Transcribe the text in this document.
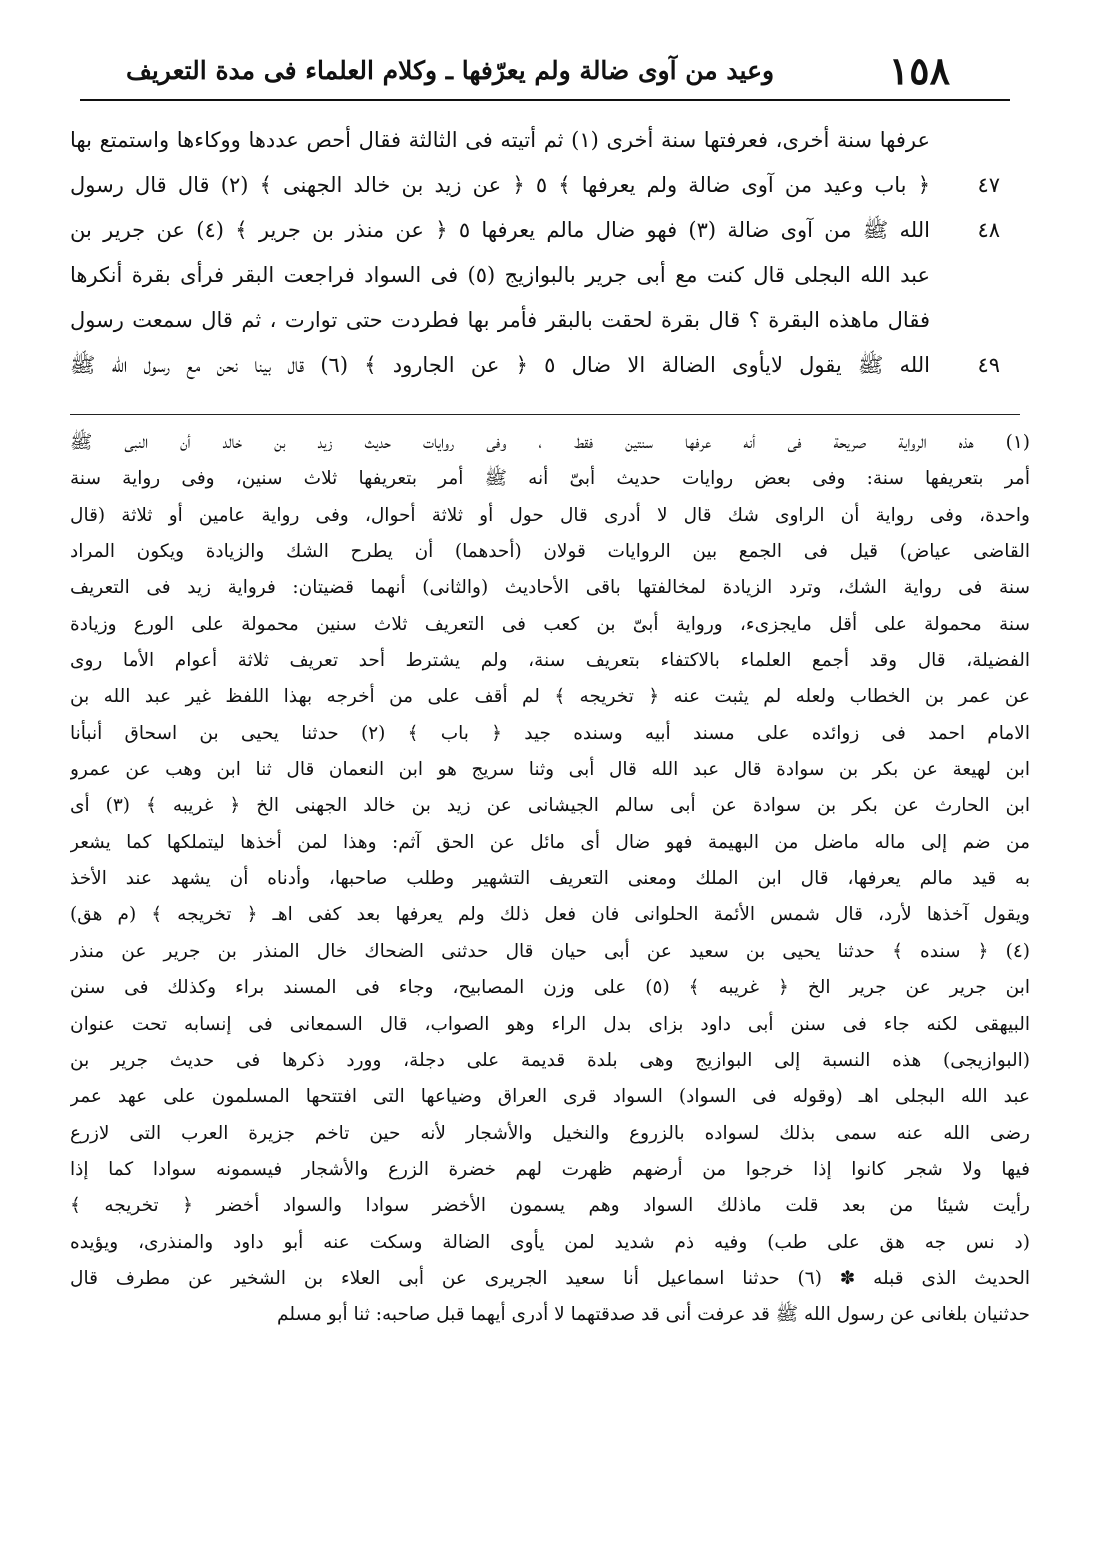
١٥٨
وعيد من آوى ضالة ولم يعرّفها ـ وكلام العلماء فى مدة التعريف
عرفها سنة أخرى، فعرفتها سنة أخرى (١) ثم أتيته فى الثالثة فقال أحص عددها ووكاءها واستمتع بها
٤٧
﴿ باب وعيد من آوى ضالة ولم يعرفها ﴾ ٥ ﴿ عن زيد بن خالد الجهنى ﴾ (٢) قال قال رسول
٤٨
الله ﷺ من آوى ضالة (٣) فهو ضال مالم يعرفها ٥ ﴿ عن منذر بن جرير ﴾ (٤) عن جرير بن
عبد الله البجلى قال كنت مع أبى جرير بالبوازيج (٥) فى السواد فراجعت البقر فرأى بقرة أنكرها
فقال ماهذه البقرة ؟ قال بقرة لحقت بالبقر فأمر بها فطردت حتى توارت ، ثم قال سمعت رسول
٤٩
الله ﷺ يقول لايأوى الضالة الا ضال ٥ ﴿ عن الجارود ﴾ (٦) قال بينا نحن مع رسول الله ﷺ
(١) هذه الرواية صريحة فى أنه عرفها سنتين فقط ، وفى روايات حديث زيد بن خالد أن النبى ﷺ
أمر بتعريفها سنة: وفى بعض روايات حديث أبىّ أنه ﷺ أمر بتعريفها ثلاث سنين، وفى رواية سنة
واحدة، وفى رواية أن الراوى شك قال لا أدرى قال حول أو ثلاثة أحوال، وفى رواية عامين أو ثلاثة (قال
القاضى عياض) قيل فى الجمع بين الروايات قولان (أحدهما) أن يطرح الشك والزيادة ويكون المراد
سنة فى رواية الشك، وترد الزيادة لمخالفتها باقى الأحاديث (والثانى) أنهما قضيتان: فرواية زيد فى التعريف
سنة محمولة على أقل مايجزىء، ورواية أبىّ بن كعب فى التعريف ثلاث سنين محمولة على الورع وزيادة
الفضيلة، قال وقد أجمع العلماء بالاكتفاء بتعريف سنة، ولم يشترط أحد تعريف ثلاثة أعوام الأما روى
عن عمر بن الخطاب ولعله لم يثبت عنه ﴿ تخريجه ﴾ لم أقف على من أخرجه بهذا اللفظ غير عبد الله بن
الامام احمد فى زوائده على مسند أبيه وسنده جيد ﴿ باب ﴾ (٢) حدثنا يحيى بن اسحاق أنبأنا
ابن لهيعة عن بكر بن سوادة قال عبد الله قال أبى وثنا سريج هو ابن النعمان قال ثنا ابن وهب عن عمرو
ابن الحارث عن بكر بن سوادة عن أبى سالم الجيشانى عن زيد بن خالد الجهنى الخ ﴿ غريبه ﴾ (٣) أى
من ضم إلى ماله ماضل من البهيمة فهو ضال أى مائل عن الحق آثم: وهذا لمن أخذها ليتملكها كما يشعر
به قيد مالم يعرفها، قال ابن الملك ومعنى التعريف التشهير وطلب صاحبها، وأدناه أن يشهد عند الأخذ
ويقول آخذها لأرد، قال شمس الأئمة الحلوانى فان فعل ذلك ولم يعرفها بعد كفى اهـ ﴿ تخريجه ﴾ (م هق)
(٤) ﴿ سنده ﴾ حدثنا يحيى بن سعيد عن أبى حيان قال حدثنى الضحاك خال المنذر بن جرير عن منذر
ابن جرير عن جرير الخ ﴿ غريبه ﴾ (٥) على وزن المصابيح، وجاء فى المسند براء وكذلك فى سنن
البيهقى لكنه جاء فى سنن أبى داود بزاى بدل الراء وهو الصواب، قال السمعانى فى إنسابه تحت عنوان
(البوازيجى) هذه النسبة إلى البوازيج وهى بلدة قديمة على دجلة، وورد ذكرها فى حديث جرير بن
عبد الله البجلى اهـ (وقوله فى السواد) السواد قرى العراق وضياعها التى افتتحها المسلمون على عهد عمر
رضى الله عنه سمى بذلك لسواده بالزروع والنخيل والأشجار لأنه حين تاخم جزيرة العرب التى لازرع
فيها ولا شجر كانوا إذا خرجوا من أرضهم ظهرت لهم خضرة الزرع والأشجار فيسمونه سوادا كما إذا
رأيت شيئا من بعد قلت ماذلك السواد وهم يسمون الأخضر سوادا والسواد أخضر ﴿ تخريجه ﴾
(د نس جه هق على طب) وفيه ذم شديد لمن يأوى الضالة وسكت عنه أبو داود والمنذرى، ويؤيده
الحديث الذى قبله ✽ (٦) حدثنا اسماعيل أنا سعيد الجريرى عن أبى العلاء بن الشخير عن مطرف قال
حدثنيان بلغانى عن رسول الله ﷺ قد عرفت أنى قد صدقتهما لا أدرى أيهما قبل صاحبه: ثنا أبو مسلم
